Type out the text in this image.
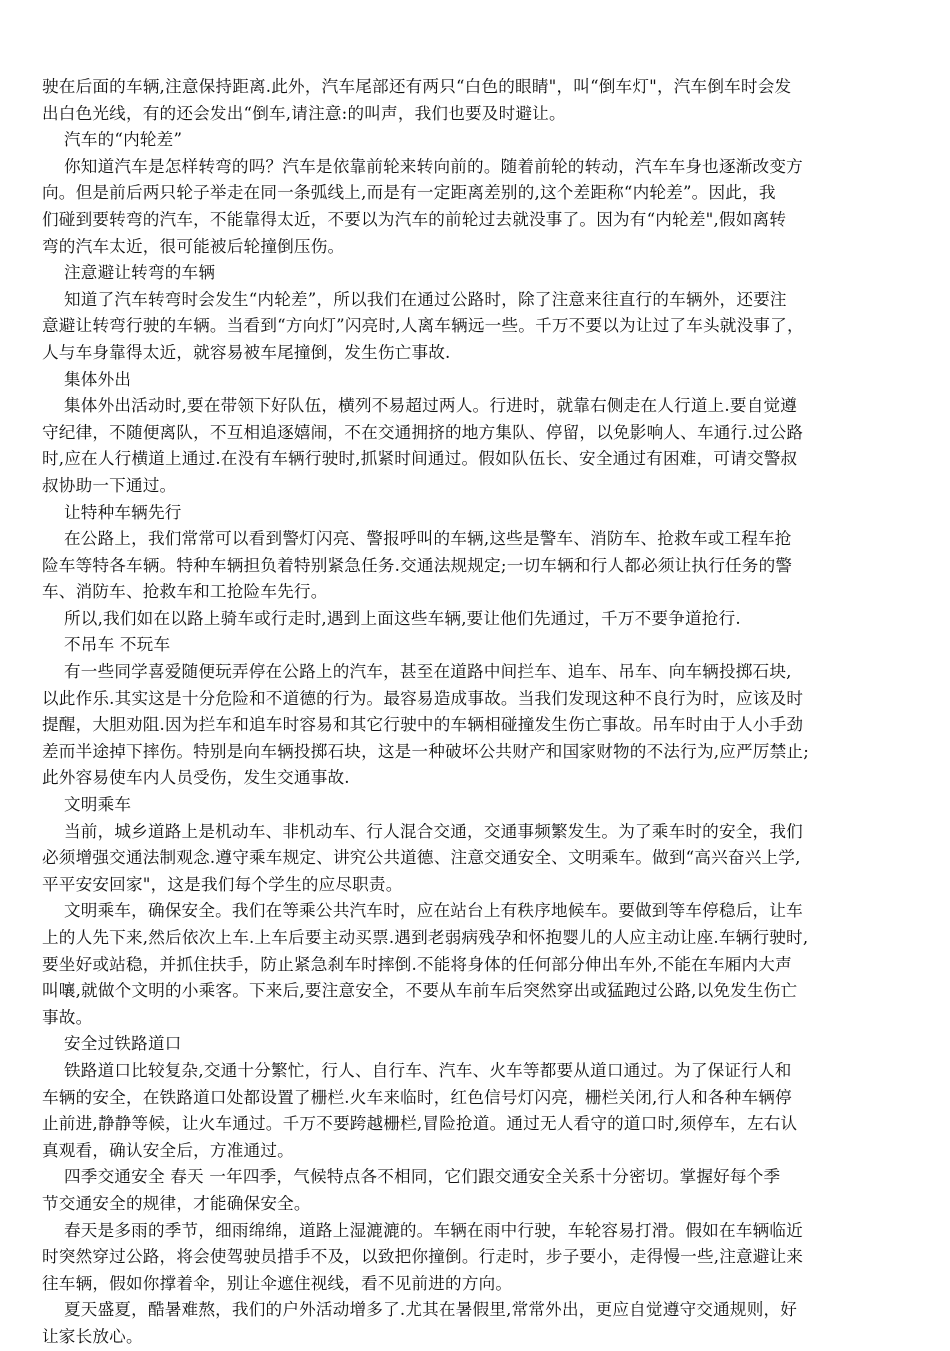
驶在后面的车辆,注意保持距离.此外，汽车尾部还有两只“白色的眼睛"，叫“倒车灯"，汽车倒车时会发
出白色光线，有的还会发出“倒车,请注意:的叫声，我们也要及时避让。
汽车的“内轮差”
你知道汽车是怎样转弯的吗？汽车是依靠前轮来转向前的。随着前轮的转动，汽车车身也逐渐改变方
向。但是前后两只轮子举走在同一条弧线上,而是有一定距离差别的,这个差距称“内轮差”。因此，我
们碰到要转弯的汽车，不能靠得太近，不要以为汽车的前轮过去就没事了。因为有“内轮差",假如离转
弯的汽车太近，很可能被后轮撞倒压伤。
注意避让转弯的车辆
知道了汽车转弯时会发生“内轮差”，所以我们在通过公路时，除了注意来往直行的车辆外，还要注
意避让转弯行驶的车辆。当看到“方向灯”闪亮时,人离车辆远一些。千万不要以为让过了车头就没事了，
人与车身靠得太近，就容易被车尾撞倒，发生伤亡事故.
集体外出
集体外出活动时,要在带领下好队伍，横列不易超过两人。行进时，就靠右侧走在人行道上.要自觉遵
守纪律，不随便离队，不互相追逐嬉闹，不在交通拥挤的地方集队、停留，以免影响人、车通行.过公路
时,应在人行横道上通过.在没有车辆行驶时,抓紧时间通过。假如队伍长、安全通过有困难，可请交警叔
叔协助一下通过。
让特种车辆先行
在公路上，我们常常可以看到警灯闪亮、警报呼叫的车辆,这些是警车、消防车、抢救车或工程车抢
险车等特各车辆。特种车辆担负着特别紧急任务.交通法规规定;一切车辆和行人都必须让执行任务的警
车、消防车、抢救车和工抢险车先行。
所以,我们如在以路上骑车或行走时,遇到上面这些车辆,要让他们先通过，千万不要争道抢行.
不吊车 不玩车
有一些同学喜爱随便玩弄停在公路上的汽车，甚至在道路中间拦车、追车、吊车、向车辆投掷石块,
以此作乐.其实这是十分危险和不道德的行为。最容易造成事故。当我们发现这种不良行为时，应该及时
提醒，大胆劝阻.因为拦车和追车时容易和其它行驶中的车辆相碰撞发生伤亡事故。吊车时由于人小手劲
差而半途掉下摔伤。特别是向车辆投掷石块，这是一种破坏公共财产和国家财物的不法行为,应严厉禁止;
此外容易使车内人员受伤，发生交通事故.
文明乘车
当前，城乡道路上是机动车、非机动车、行人混合交通，交通事频繁发生。为了乘车时的安全，我们
必须增强交通法制观念.遵守乘车规定、讲究公共道德、注意交通安全、文明乘车。做到“高兴奋兴上学,
平平安安回家"，这是我们每个学生的应尽职责。
文明乘车，确保安全。我们在等乘公共汽车时，应在站台上有秩序地候车。要做到等车停稳后，让车
上的人先下来,然后依次上车.上车后要主动买票.遇到老弱病残孕和怀抱婴儿的人应主动让座.车辆行驶时,
要坐好或站稳，并抓住扶手，防止紧急刹车时摔倒.不能将身体的任何部分伸出车外,不能在车厢内大声
叫嚷,就做个文明的小乘客。下来后,要注意安全，不要从车前车后突然穿出或猛跑过公路,以免发生伤亡
事故。
安全过铁路道口
铁路道口比较复杂,交通十分繁忙，行人、自行车、汽车、火车等都要从道口通过。为了保证行人和
车辆的安全，在铁路道口处都设置了栅栏.火车来临时，红色信号灯闪亮，栅栏关闭,行人和各种车辆停
止前进,静静等候，让火车通过。千万不要跨越栅栏,冒险抢道。通过无人看守的道口时,须停车，左右认
真观看，确认安全后，方准通过。
四季交通安全 春天 一年四季，气候特点各不相同，它们跟交通安全关系十分密切。掌握好每个季
节交通安全的规律，才能确保安全。
春天是多雨的季节，细雨绵绵，道路上湿漉漉的。车辆在雨中行驶，车轮容易打滑。假如在车辆临近
时突然穿过公路，将会使驾驶员措手不及，以致把你撞倒。行走时，步子要小，走得慢一些,注意避让来
往车辆，假如你撑着伞，别让伞遮住视线，看不见前进的方向。
夏天盛夏，酷暑难熬，我们的户外活动增多了.尤其在暑假里,常常外出，更应自觉遵守交通规则，好
让家长放心。
